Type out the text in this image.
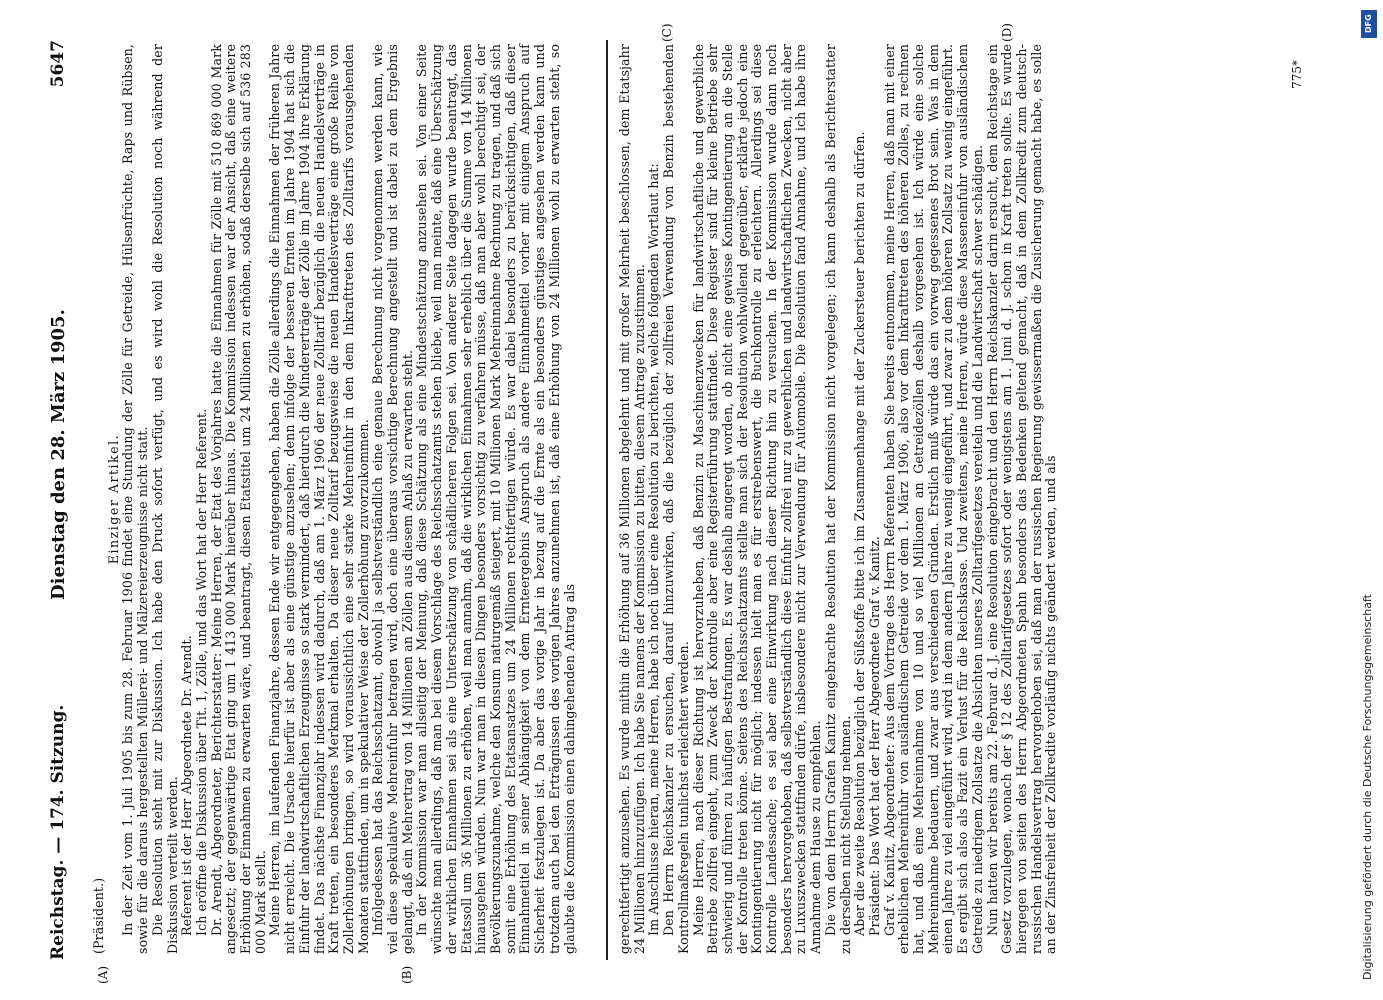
Reichstag. — 174. Sitzung.
Dienstag den 28. März 1905.
5647
(A)	(B)
(C)	(D)

(Präsident.)

Einziger Artikel. In der Zeit vom 1. Juli 1905 bis zum 28. Februar 1906 findet eine Stundung der Zölle für Getreide, Hülsenfrüchte, Raps und Rübsen, sowie für die daraus hergestellten Müllerei- und Mälzereierzeugnisse nicht statt. Die Resolution steht mit zur Diskussion. Ich habe den Druck sofort verfügt, und es wird wohl die Resolution noch während der Diskussion verteilt werden. Referent ist der Herr Abgeordnete Dr. Arendt. Ich eröffne die Diskussion über Tit. 1, Zölle, und das Wort hat der Herr Referent. Dr. Arendt, Abgeordneter, Berichterstatter: Meine Herren, der Etat des Vorjahres hatte die Einnahmen für Zölle mit 510 869 000 Mark angesetzt; der gegenwärtige Etat ging um 1 413 000 Mark hierüber hinaus. Die Kommission indessen war der Ansicht, daß eine weitere Erhöhung der Einnahmen zu erwarten wäre, und beantragt, diesen Etatstitel um 24 Millionen zu erhöhen, sodaß derselbe sich auf 536 283 000 Mark stellt. Meine Herren, im laufenden Finanzjahre, dessen Ende wir entgegengehen, haben die Zölle allerdings die Einnahmen der früheren Jahre nicht erreicht. Die Ursache hierfür ist aber als eine günstige anzusehen; denn infolge der besseren Ernten im Jahre 1904 hat sich die Einfuhr der landwirtschaftlichen Erzeugnisse so stark vermindert, daß hierdurch die Mindererträge der Zölle im Jahre 1904 ihre Erklärung findet. Das nächste Finanzjahr indessen wird dadurch, daß am 1. März 1906 der neue Zolltarif bezüglich die neuen Handelsverträge in Kraft treten, ein besonderes Merkmal erhalten. Da dieser neue Zolltarif bezugsweise die neuen Handelsverträge eine große Reihe von Zollerhöhungen bringen, so wird voraussichtlich eine sehr starke Mehreinfuhr in den dem Inkrafttreten des Zolltarifs vorausgehenden Monaten stattfinden, um in spekulativer Weise der Zollerhöhung zuvorzukommen. Infolgedessen hat das Reichsschatzamt, obwohl ja selbstverständlich eine genaue Berechnung nicht vorgenommen werden kann, wie viel diese spekulative Mehreinfuhr betragen wird, doch eine überaus vorsichtige Berechnung angestellt und ist dabei zu dem Ergebnis gelangt, daß ein Mehrertrag von 14 Millionen an Zöllen aus diesem Anlaß zu erwarten steht. In der Kommission war man allseitig der Meinung, daß diese Schätzung als eine Mindestschätzung anzusehen sei. Von einer Seite wünschte man allerdings, daß man bei diesem Vorschlage des Reichsschatzamts stehen bliebe, weil man meinte, daß eine Überschätzung der wirklichen Einnahmen sei als eine Unterschätzung von schädlicheren Folgen sei. Von anderer Seite dagegen wurde beantragt, das Etatssoll um 36 Millionen zu erhöhen, weil man annahm, daß die wirklichen Einnahmen sehr erheblich über die Summe von 14 Millionen hinausgehen würden. Nun war man in diesen Dingen besonders vorsichtig zu verfahren müsse, daß man aber wohl berechtigt sei, der Bevölkerungszunahme, welche den Konsum naturgemäß steigert, mit 10 Millionen Mark Mehreinnahme Rechnung zu tragen, und daß sich somit eine Erhöhung des Etatsansatzes um 24 Millionen rechtfertigen würde. Es war dabei besonders zu berücksichtigen, daß dieser Einnahmetitel in seiner Abhängigkeit von dem Ernteergebnis Anspruch als andere Einnahmetitel vorher mit einigem Anspruch auf Sicherheit festzulegen ist. Da aber das vorige Jahr in bezug auf die Ernte als ein besonders günstiges angesehen werden kann und trotzdem auch bei den Erträgnissen des vorigen Jahres anzunehmen ist, daß eine Erhöhung von 24 Millionen wohl zu erwarten steht, so glaubte die Kommission einen dahingehenden Antrag als	gerechtfertigt anzusehen. Es wurde mithin die Erhöhung auf 36 Millionen abgelehnt und mit großer Mehrheit beschlossen, dem Etatsjahr 24 Millionen hinzuzufügen. Ich habe Sie namens der Kommission zu bitten, diesem Antrage zuzustimmen. Im Anschlusse hieran, meine Herren, habe ich noch über eine Resolution zu berichten, welche folgenden Wortlaut hat: Den Herrn Reichskanzler zu ersuchen, darauf hinzuwirken, daß die bezüglich der zollfreien Verwendung von Benzin bestehenden Kontrollmaßregeln tunlichst erleichtert werden. Meine Herren, nach dieser Richtung ist hervorzuheben, daß Benzin zu Maschinenzwecken für landwirtschaftliche und gewerbliche Betriebe zollfrei eingeht, zum Zweck der Kontrolle aber eine Registerführung stattfindet. Diese Register sind für kleine Betriebe sehr schwierig und führen zu häufigen Bestrafungen. Es war deshalb angeregt worden, ob nicht eine gewisse Kontingentierung an die Stelle der Kontrolle treten könne. Seitens des Reichsschatzamts stellte man sich der Resolution wohlwollend gegenüber, erklärte jedoch eine Kontingentierung nicht für möglich; indessen hielt man es für erstrebenswert, die Buchkontrolle zu erleichtern. Allerdings sei diese Kontrolle Landessache; es sei aber eine Einwirkung nach dieser Richtung hin zu versuchen. In der Kommission wurde dann noch besonders hervorgehoben, daß selbstverständlich diese Einfuhr zollfrei nur zu gewerblichen und landwirtschaftlichen Zwecken, nicht aber zu Luxuszwecken stattfinden dürfe, insbesondere nicht zur Verwendung für Automobile. Die Resolution fand Annahme, und ich habe ihre Annahme dem Hause zu empfehlen. Die von dem Herrn Grafen Kanitz eingebrachte Resolution hat der Kommission nicht vorgelegen; ich kann deshalb als Berichterstatter zu derselben nicht Stellung nehmen. Aber die zweite Resolution bezüglich der Süßstoffe bitte ich im Zusammenhange mit der Zuckersteuer berichten zu dürfen. Präsident: Das Wort hat der Herr Abgeordnete Graf v. Kanitz. Graf v. Kanitz, Abgeordneter: Aus dem Vortrage des Herrn Referenten haben Sie bereits entnommen, meine Herren, daß man mit einer erheblichen Mehreinfuhr von ausländischem Getreide vor dem 1. März 1906, also vor dem Inkrafttreten des höheren Zolles, zu rechnen hat, und daß eine Mehreinnahme von 10 und so viel Millionen an Getreidezöllen deshalb vorgesehen ist. Ich würde eine solche Mehreinnahme bedauern, und zwar aus verschiedenen Gründen. Erstlich muß würde das ein vorweg gegessenes Brot sein. Was in dem einen Jahre zu viel eingeführt wird, wird in dem andern Jahre zu wenig eingeführt, und zwar zu dem höheren Zollsatz zu wenig eingeführt. Es ergibt sich also als Fazit ein Verlust für die Reichskasse. Und zweitens, meine Herren, würde diese Masseneinfuhr von ausländischem Getreide zu niedrigem Zollsatze die Absichten unseres Zolltarifgesetzes vereiteln und die Landwirtschaft schwer schädigen. Nun hatten wir bereits am 22. Februar d. J. eine Resolution eingebracht und den Herrn Reichskanzler darin ersucht, dem Reichstage ein Gesetz vorzulegen, wonach der § 12 des Zolltarifgesetzes sofort oder wenigstens am 1. Juni d. J. schon in Kraft treten sollte. Es wurde hiergegen von seiten des Herrn Abgeordneten Spahn besonders das Bedenken geltend gemacht, daß in dem Zollkredit zum deutsch-russischen Handelsvertrag hervorgehoben sei, daß man der russischen Regierung gewissermaßen die Zusicherung gemacht habe, es solle an der Zinsfreiheit der Zollkredite vorläufig nichts geändert werden, und als

775*
Digitalisierung gefördert durch die Deutsche Forschungsgemeinschaft
DFG
